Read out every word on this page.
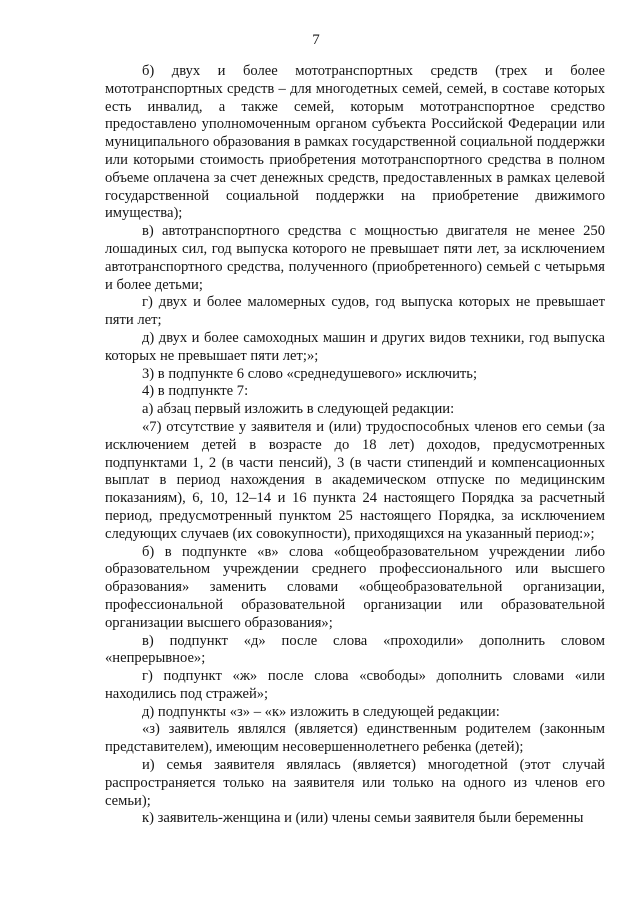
7

б) двух и более мототранспортных средств (трех и более мототранспортных средств – для многодетных семей, семей, в составе которых есть инвалид, а также семей, которым мототранспортное средство предоставлено уполномоченным органом субъекта Российской Федерации или муниципального образования в рамках государственной социальной поддержки или которыми стоимость приобретения мототранспортного средства в полном объеме оплачена за счет денежных средств, предоставленных в рамках целевой государственной социальной поддержки на приобретение движимого имущества);

в) автотранспортного средства с мощностью двигателя не менее 250 лошадиных сил, год выпуска которого не превышает пяти лет, за исключением автотранспортного средства, полученного (приобретенного) семьей с четырьмя и более детьми;

г) двух и более маломерных судов, год выпуска которых не превышает пяти лет;

д) двух и более самоходных машин и других видов техники, год выпуска которых не превышает пяти лет;»;

3) в подпункте 6 слово «среднедушевого» исключить;

4) в подпункте 7:

а) абзац первый изложить в следующей редакции:

«7) отсутствие у заявителя и (или) трудоспособных членов его семьи (за исключением детей в возрасте до 18 лет) доходов, предусмотренных подпунктами 1, 2 (в части пенсий), 3 (в части стипендий и компенсационных выплат в период нахождения в академическом отпуске по медицинским показаниям), 6, 10, 12–14 и 16 пункта 24 настоящего Порядка за расчетный период, предусмотренный пунктом 25 настоящего Порядка, за исключением следующих случаев (их совокупности), приходящихся на указанный период:»;

б) в подпункте «в» слова «общеобразовательном учреждении либо образовательном учреждении среднего профессионального или высшего образования» заменить словами «общеобразовательной организации, профессиональной образовательной организации или образовательной организации высшего образования»;

в) подпункт «д» после слова «проходили» дополнить словом «непрерывное»;

г) подпункт «ж» после слова «свободы» дополнить словами «или находились под стражей»;

д) подпункты «з» – «к» изложить в следующей редакции:

«з) заявитель являлся (является) единственным родителем (законным представителем), имеющим несовершеннолетнего ребенка (детей);

и) семья заявителя являлась (является) многодетной (этот случай распространяется только на заявителя или только на одного из членов его семьи);

к) заявитель-женщина и (или) члены семьи заявителя были беременны
